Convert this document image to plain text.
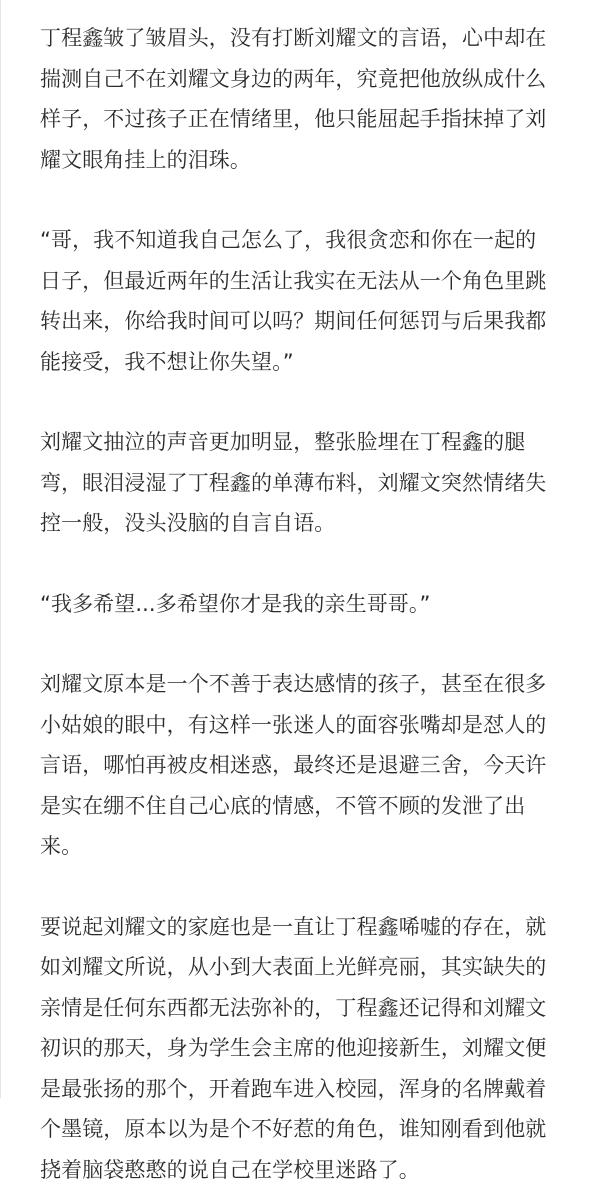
丁程鑫皱了皱眉头，没有打断刘耀文的言语，心中却在
揣测自己不在刘耀文身边的两年，究竟把他放纵成什么
样子，不过孩子正在情绪里，他只能屈起手指抹掉了刘
耀文眼角挂上的泪珠。

“哥，我不知道我自己怎么了，我很贪恋和你在一起的
日子，但最近两年的生活让我实在无法从一个角色里跳
转出来，你给我时间可以吗？期间任何惩罚与后果我都
能接受，我不想让你失望。”

刘耀文抽泣的声音更加明显，整张脸埋在丁程鑫的腿
弯，眼泪浸湿了丁程鑫的单薄布料，刘耀文突然情绪失
控一般，没头没脑的自言自语。

“我多希望...多希望你才是我的亲生哥哥。”

刘耀文原本是一个不善于表达感情的孩子，甚至在很多
小姑娘的眼中，有这样一张迷人的面容张嘴却是怼人的
言语，哪怕再被皮相迷惑，最终还是退避三舍，今天许
是实在绷不住自己心底的情感，不管不顾的发泄了出
来。

要说起刘耀文的家庭也是一直让丁程鑫唏嘘的存在，就
如刘耀文所说，从小到大表面上光鲜亮丽，其实缺失的
亲情是任何东西都无法弥补的，丁程鑫还记得和刘耀文
初识的那天，身为学生会主席的他迎接新生，刘耀文便
是最张扬的那个，开着跑车进入校园，浑身的名牌戴着
个墨镜，原本以为是个不好惹的角色，谁知刚看到他就
挠着脑袋憨憨的说自己在学校里迷路了。
